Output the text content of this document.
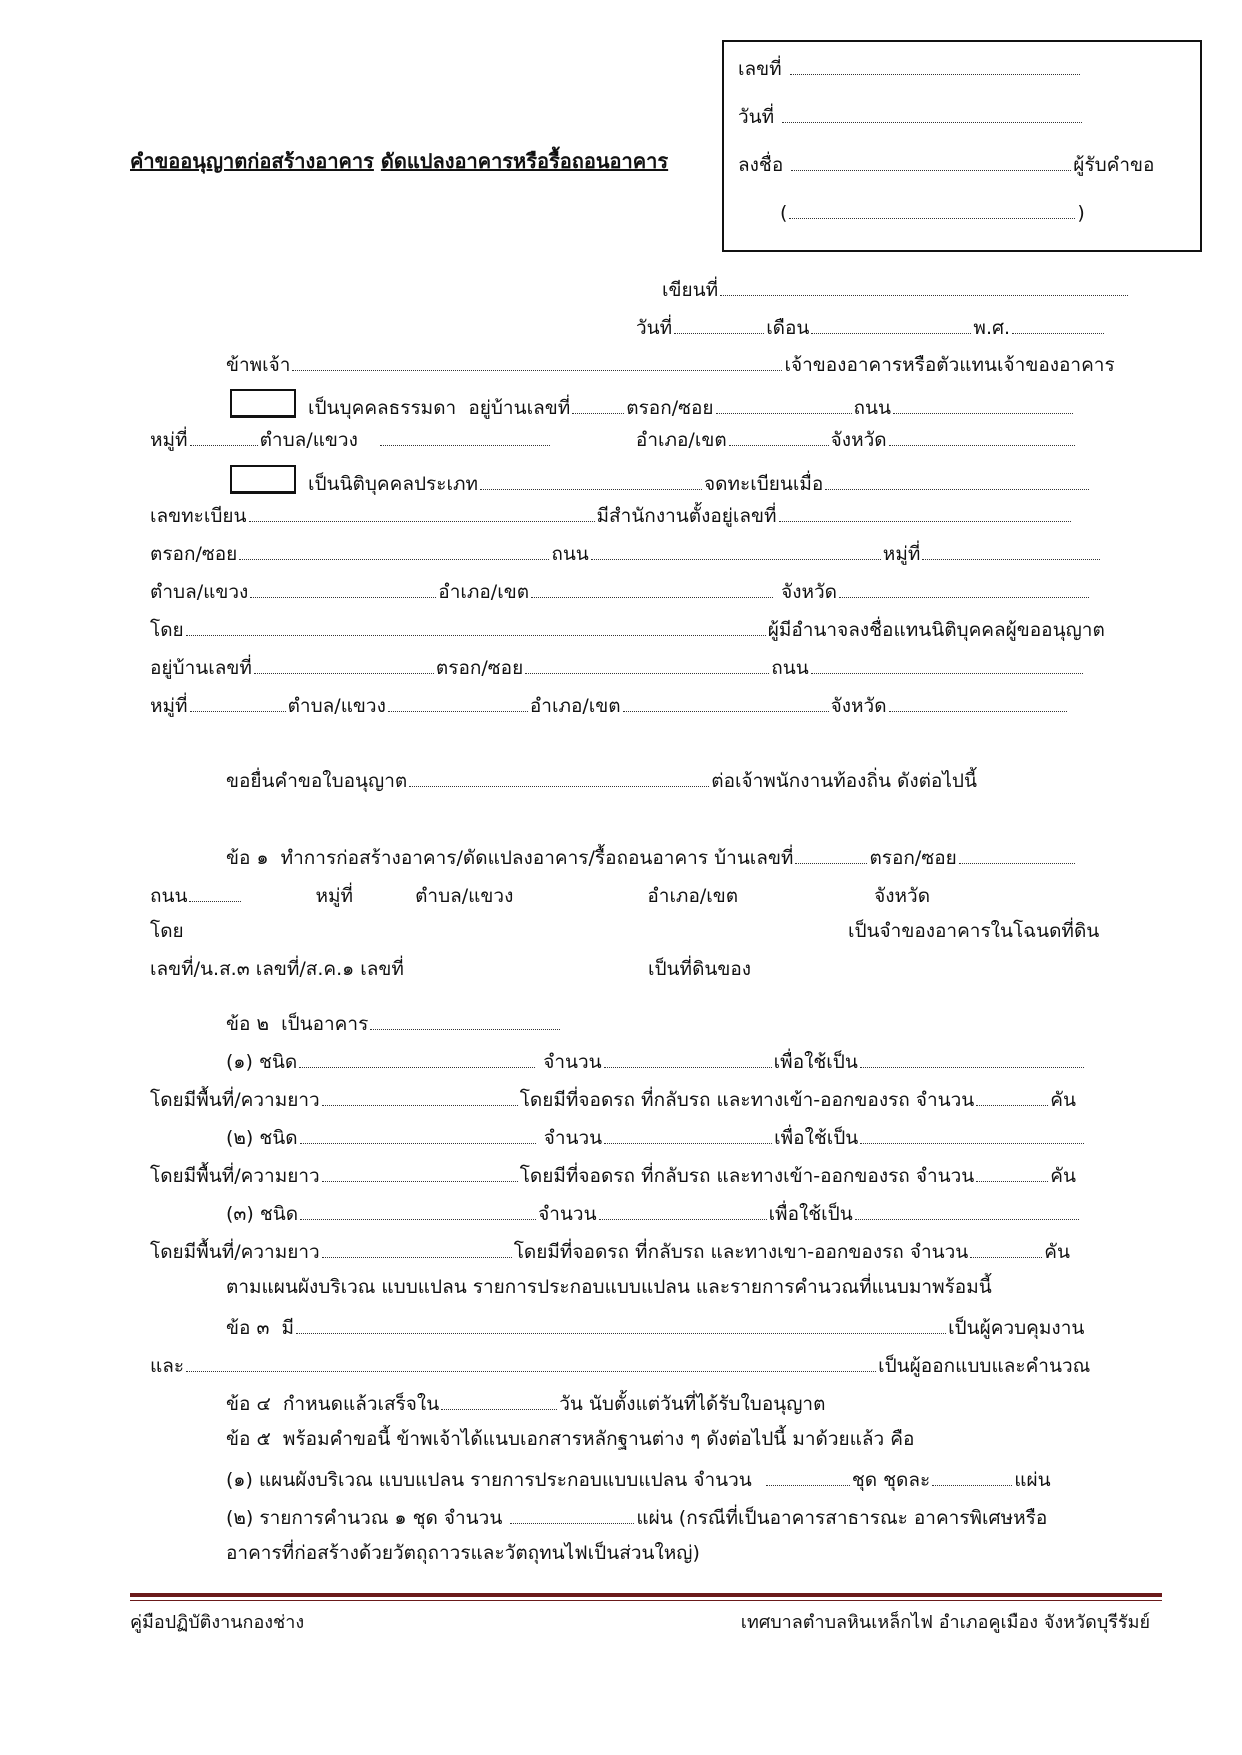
คำขออนุญาตก่อสร้างอาคาร ดัดแปลงอาคารหรือรื้อถอนอาคาร
เลขที่
วันที่
ลงชื่อ	ผู้รับคำขอ
(	)
เขียนที่
วันที่	เดือน	พ.ศ.
ข้าพเจ้า	เจ้าของอาคารหรือตัวแทนเจ้าของอาคาร
เป็นบุคคลธรรมดา อยู่บ้านเลขที่	ตรอก/ซอย	ถนน
หมู่ที่	ตำบล/แขวง	อำเภอ/เขต	จังหวัด
เป็นนิติบุคคลประเภท	จดทะเบียนเมื่อ
เลขทะเบียน	มีสำนักงานตั้งอยู่เลขที่
ตรอก/ซอย	ถนน	หมู่ที่
ตำบล/แขวง	อำเภอ/เขต	จังหวัด
โดย	ผู้มีอำนาจลงชื่อแทนนิติบุคคลผู้ขออนุญาต
อยู่บ้านเลขที่	ตรอก/ซอย	ถนน
หมู่ที่	ตำบล/แขวง	อำเภอ/เขต	จังหวัด
ขอยื่นคำขอใบอนุญาต	ต่อเจ้าพนักงานท้องถิ่น ดังต่อไปนี้
ข้อ ๑ ทำการก่อสร้างอาคาร/ดัดแปลงอาคาร/รื้อถอนอาคาร บ้านเลขที่	ตรอก/ซอย
ถนน	หมู่ที่	ตำบล/แขวง	อำเภอ/เขต	จังหวัด
โดย	เป็นจำของอาคารในโฉนดที่ดิน
เลขที่/น.ส.๓ เลขที่/ส.ค.๑ เลขที่	เป็นที่ดินของ
ข้อ ๒ เป็นอาคาร
(๑) ชนิด	จำนวน	เพื่อใช้เป็น
โดยมีพื้นที่/ความยาว	โดยมีที่จอดรถ ที่กลับรถ และทางเข้า-ออกของรถ จำนวน	คัน
(๒) ชนิด	จำนวน	เพื่อใช้เป็น
โดยมีพื้นที่/ความยาว	โดยมีที่จอดรถ ที่กลับรถ และทางเข้า-ออกของรถ จำนวน	คัน
(๓) ชนิด	จำนวน	เพื่อใช้เป็น
โดยมีพื้นที่/ความยาว	โดยมีที่จอดรถ ที่กลับรถ และทางเขา-ออกของรถ จำนวน	คัน
ตามแผนผังบริเวณ แบบแปลน รายการประกอบแบบแปลน และรายการคำนวณที่แนบมาพร้อมนี้
ข้อ ๓ มี	เป็นผู้ควบคุมงาน
และ	เป็นผู้ออกแบบและคำนวณ
ข้อ ๔ กำหนดแล้วเสร็จใน	วัน นับตั้งแต่วันที่ได้รับใบอนุญาต
ข้อ ๕ พร้อมคำขอนี้ ข้าพเจ้าได้แนบเอกสารหลักฐานต่าง ๆ ดังต่อไปนี้ มาด้วยแล้ว คือ
(๑) แผนผังบริเวณ แบบแปลน รายการประกอบแบบแปลน จำนวน	ชุด ชุดละ	แผ่น
(๒) รายการคำนวณ ๑ ชุด จำนวน	แผ่น (กรณีที่เป็นอาคารสาธารณะ อาคารพิเศษหรือ
อาคารที่ก่อสร้างด้วยวัตถุถาวรและวัตถุทนไฟเป็นส่วนใหญ่)
คู่มือปฏิบัติงานกองช่าง	เทศบาลตำบลหินเหล็กไฟ อำเภอคูเมือง จังหวัดบุรีรัมย์
